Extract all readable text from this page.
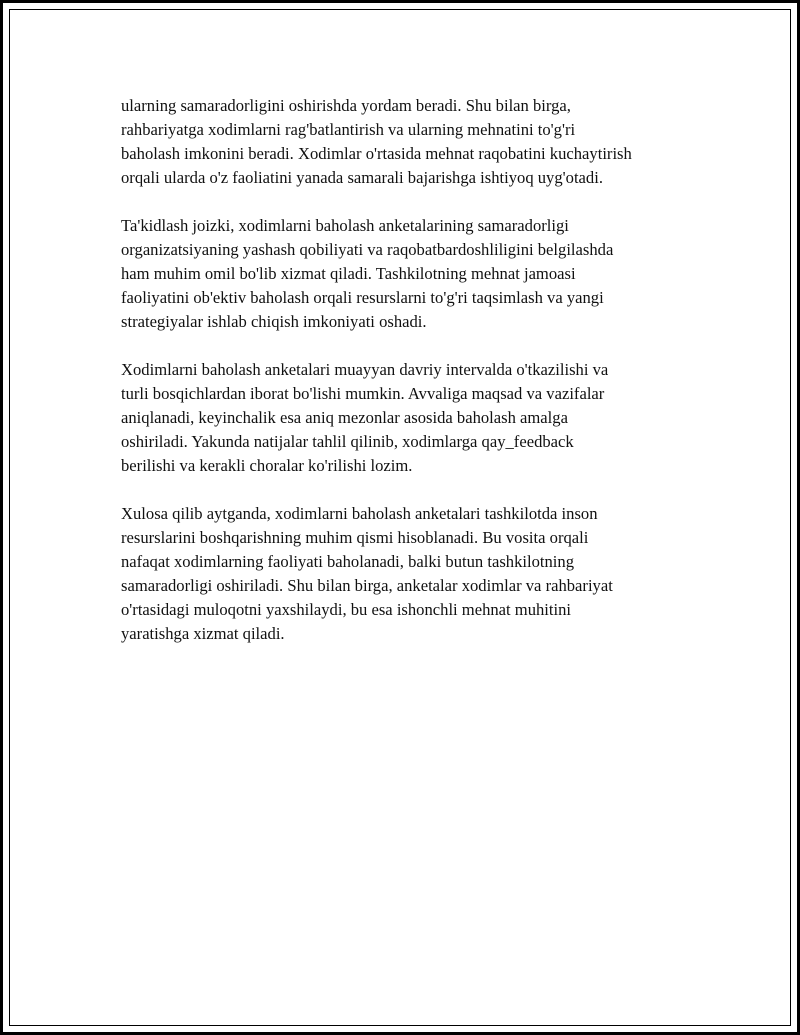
ularning samaradorligini oshirishda yordam beradi. Shu bilan birga,
rahbariyatga xodimlarni rag'batlantirish va ularning mehnatini to'g'ri
baholash imkonini beradi. Xodimlar o'rtasida mehnat raqobatini kuchaytirish
orqali ularda o'z faoliatini yanada samarali bajarishga ishtiyoq uyg'otadi.

Ta'kidlash joizki, xodimlarni baholash anketalarining samaradorligi
organizatsiyaning yashash qobiliyati va raqobatbardoshliligini belgilashda
ham muhim omil bo'lib xizmat qiladi. Tashkilotning mehnat jamoasi
faoliyatini ob'ektiv baholash orqali resurslarni to'g'ri taqsimlash va yangi
strategiyalar ishlab chiqish imkoniyati oshadi.

Xodimlarni baholash anketalari muayyan davriy intervalda o'tkazilishi va
turli bosqichlardan iborat bo'lishi mumkin. Avvaliga maqsad va vazifalar
aniqlanadi, keyinchalik esa aniq mezonlar asosida baholash amalga
oshiriladi. Yakunda natijalar tahlil qilinib, xodimlarga qay_feedback
berilishi va kerakli choralar ko'rilishi lozim.

Xulosa qilib aytganda, xodimlarni baholash anketalari tashkilotda inson
resurslarini boshqarishning muhim qismi hisoblanadi. Bu vosita orqali
nafaqat xodimlarning faoliyati baholanadi, balki butun tashkilotning
samaradorligi oshiriladi. Shu bilan birga, anketalar xodimlar va rahbariyat
o'rtasidagi muloqotni yaxshilaydi, bu esa ishonchli mehnat muhitini
yaratishga xizmat qiladi.
